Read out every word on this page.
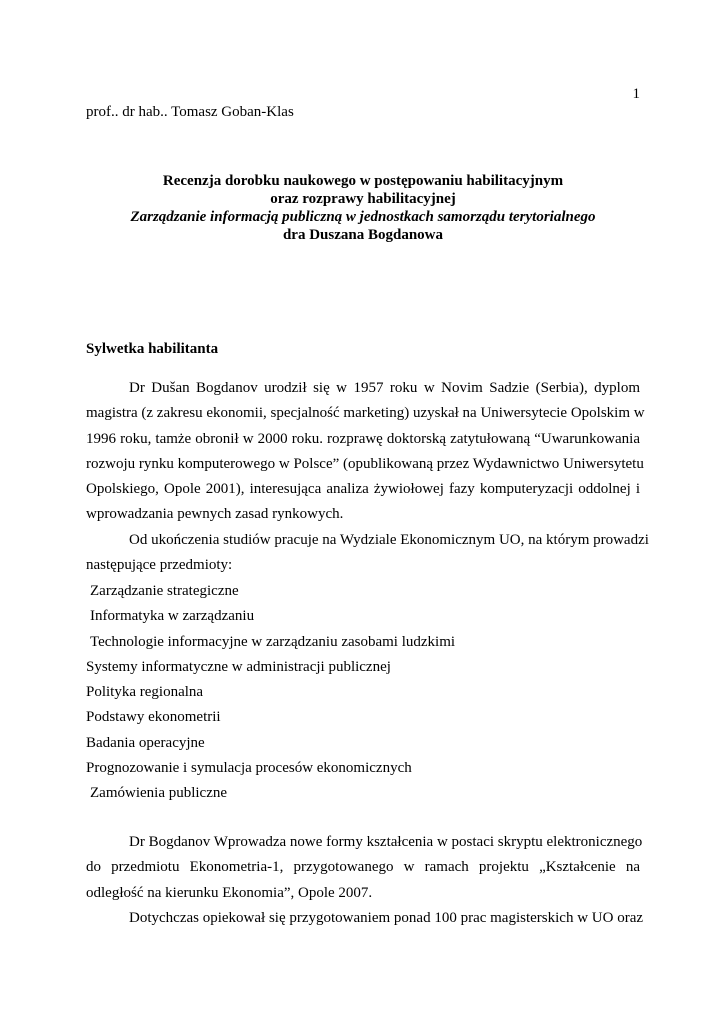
1
prof.. dr hab.. Tomasz Goban-Klas
Recenzja dorobku naukowego w postępowaniu habilitacyjnym
oraz rozprawy habilitacyjnej
Zarządzanie informacją publiczną w jednostkach samorządu terytorialnego
dra Duszana Bogdanowa
Sylwetka habilitanta
Dr Dušan Bogdanov urodził się w 1957 roku w Novim Sadzie (Serbia), dyplom
magistra (z zakresu ekonomii, specjalność marketing) uzyskał na Uniwersytecie Opolskim w
1996 roku, tamże obronił w 2000 roku. rozprawę doktorską zatytułowaną “Uwarunkowania
rozwoju rynku komputerowego w Polsce” (opublikowaną przez Wydawnictwo Uniwersytetu
Opolskiego, Opole 2001), interesująca analiza żywiołowej fazy komputeryzacji oddolnej i
wprowadzania pewnych zasad rynkowych.
Od ukończenia studiów pracuje na Wydziale Ekonomicznym UO, na którym prowadzi
następujące przedmioty:
Zarządzanie strategiczne
Informatyka w zarządzaniu
Technologie informacyjne w zarządzaniu zasobami ludzkimi
Systemy informatyczne w administracji publicznej
Polityka regionalna
Podstawy ekonometrii
Badania operacyjne
Prognozowanie i symulacja procesów ekonomicznych
Zamówienia publiczne
Dr Bogdanov Wprowadza nowe formy kształcenia w postaci skryptu elektronicznego
do przedmiotu Ekonometria-1, przygotowanego w ramach projektu „Kształcenie na
odległość na kierunku Ekonomia”, Opole 2007.
Dotychczas opiekował się przygotowaniem ponad 100 prac magisterskich w UO oraz
